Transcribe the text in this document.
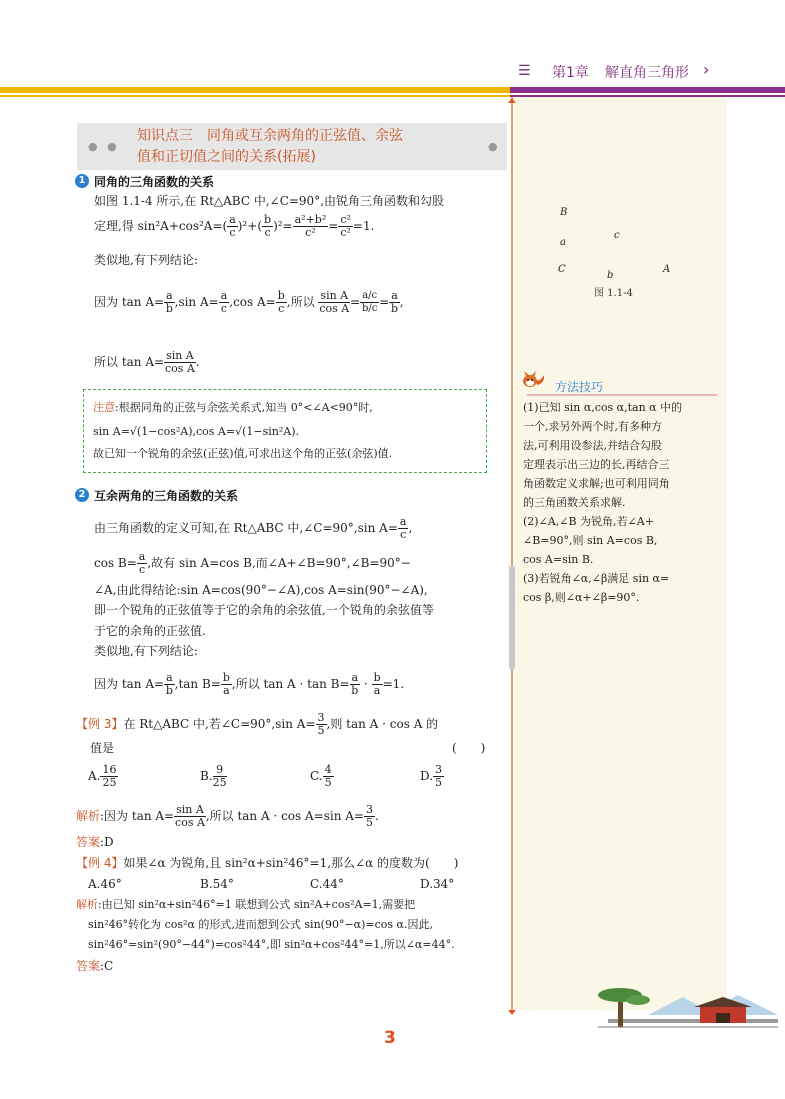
☰ 第1章 解直角三角形 ›
● ●	●
知识点三　同角或互余两角的正弦值、余弦
值和正切值之间的关系(拓展)
1 同角的三角函数的关系
如图 1.1-4 所示,在 Rt△ABC 中,∠C=90°,由锐角三角函数和勾股
定理,得 $\sin^2A+\cos^2A=( \frac{a}{c} )^2+( \frac{b}{c} )^2= \frac{\text{a²+b²}}{\text{c²}} = \frac{\text{c²}}{\text{c²}} =1$.
类似地,有下列结论:
因为 $\tan A= \frac{a}{b} ,\sin$ $A= \frac{a}{c} ,\cos$ $A= \frac{b}{c}$ ,所以 $\frac{\text{sin A}}{\text{cos A}} = \frac{a/c}{b/c} = \frac{a}{b}$ ,
所以 $\tan A= \frac{\text{sin A}}{\text{cos A}}$ .
注意:根据同角的正弦与余弦关系式,知当 0°<∠A<90°时,
sin A=√(1−cos²A),cos A=√(1−sin²A).
故已知一个锐角的余弦(正弦)值,可求出这个角的正弦(余弦)值.
2 互余两角的三角函数的关系
由三角函数的定义可知,在 Rt△ABC 中,∠C=90°,sin $A= \frac{a}{c}$ ,
$\cos B= \frac{a}{c}$ ,故有 sin A=cos B,而∠A+∠B=90°,∠B=90°−
∠A,由此得结论:sin A=cos(90°−∠A),cos A=sin(90°−∠A),
即一个锐角的正弦值等于它的余角的余弦值,一个锐角的余弦值等
于它的余角的正弦值.
类似地,有下列结论:
因为 $\tan A= \frac{a}{b} ,\tan$ $B= \frac{b}{a}$ ,所以 $\tan A \cdot \tan B= \frac{a}{b} \cdot \frac{b}{a} =1$.
【例 3】在 Rt△ABC 中,若∠C=90°,sin $A= \frac{3}{5}$ ,则 tan A · cos A 的
值是	(　　)
A. $\frac{16}{25}$	B. $\frac{9}{25}$	C. $\frac{4}{5}$	D. $\frac{3}{5}$
解析:因为 $\tan A= \frac{\text{sin A}}{\text{cos A}}$ ,所以 tan A · cos A=sin $A= \frac{3}{5}$ .
答案:D
【例 4】如果∠α 为锐角,且 sin²α+sin²46°=1,那么∠α 的度数为(　　)
A.46°	B.54°	C.44°	D.34°
解析:由已知 sin²α+sin²46°=1 联想到公式 sin²A+cos²A=1,需要把
sin²46°转化为 cos²α 的形式,进而想到公式 sin(90°−α)=cos α.因此,
sin²46°=sin²(90°−44°)=cos²44°,即 sin²α+cos²44°=1,所以∠α=44°.
答案:C
B
a
c
C
b
A
图 1.1-4
方法技巧
(1)已知 sin α,cos α,tan α 中的
一个,求另外两个时,有多种方
法,可利用设参法,并结合勾股
定理表示出三边的长,再结合三
角函数定义求解;也可利用同角
的三角函数关系求解.
(2)∠A,∠B 为锐角,若∠A+
∠B=90°,则 sin A=cos B,
cos A=sin B.
(3)若锐角∠α,∠β满足 sin α=
cos β,则∠α+∠β=90°.
3
